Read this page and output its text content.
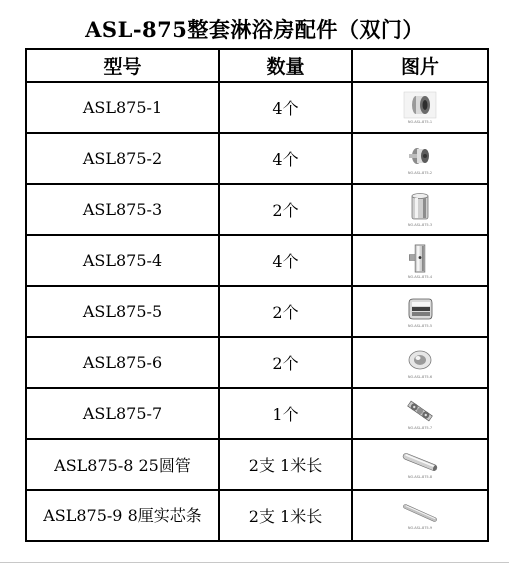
ASL-875整套淋浴房配件（双门）
型号	数量	图片
ASL875-1	4个	NO.ASL-875-1

ASL875-2	4个	NO.ASL-875-2

ASL875-3	2个	NO.ASL-875-3

ASL875-4	4个	NO.ASL-875-4

ASL875-5	2个	NO.ASL-875-5

ASL875-6	2个	NO.ASL-875-6

ASL875-7	1个	NO.ASL-875-7

ASL875-8 25圆管	2支 1米长	NO.ASL-875-8

ASL875-9 8厘实芯条	2支 1米长	NO.ASL-875-9
